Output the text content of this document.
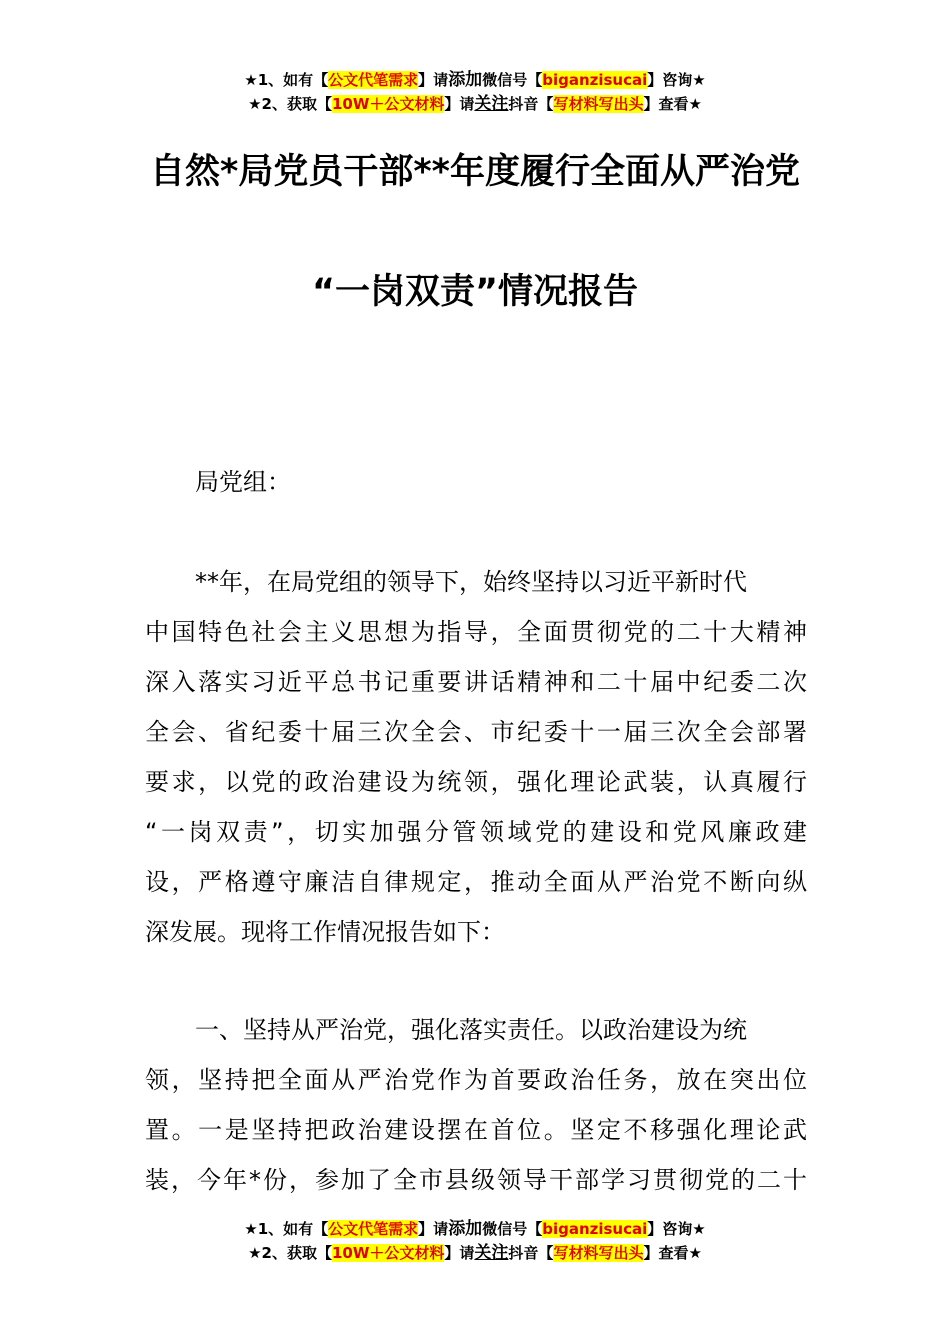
★1、如有【公文代笔需求】请添加微信号【biganzisucai】咨询★
★2、获取【10W＋公文材料】请关注抖音【写材料写出头】查看★
自然*局党员干部**年度履行全面从严治党
“一岗双责”情况报告
局党组：
**年，在局党组的领导下，始终坚持以习近平新时代
中国特色社会主义思想为指导，全面贯彻党的二十大精神
深入落实习近平总书记重要讲话精神和二十届中纪委二次
全会、省纪委十届三次全会、市纪委十一届三次全会部署
要求，以党的政治建设为统领，强化理论武装，认真履行
“一岗双责”，切实加强分管领域党的建设和党风廉政建
设，严格遵守廉洁自律规定，推动全面从严治党不断向纵
深发展。现将工作情况报告如下：
一、坚持从严治党，强化落实责任。以政治建设为统
领，坚持把全面从严治党作为首要政治任务，放在突出位
置。一是坚持把政治建设摆在首位。坚定不移强化理论武
装，今年*份，参加了全市县级领导干部学习贯彻党的二十
★1、如有【公文代笔需求】请添加微信号【biganzisucai】咨询★
★2、获取【10W＋公文材料】请关注抖音【写材料写出头】查看★
